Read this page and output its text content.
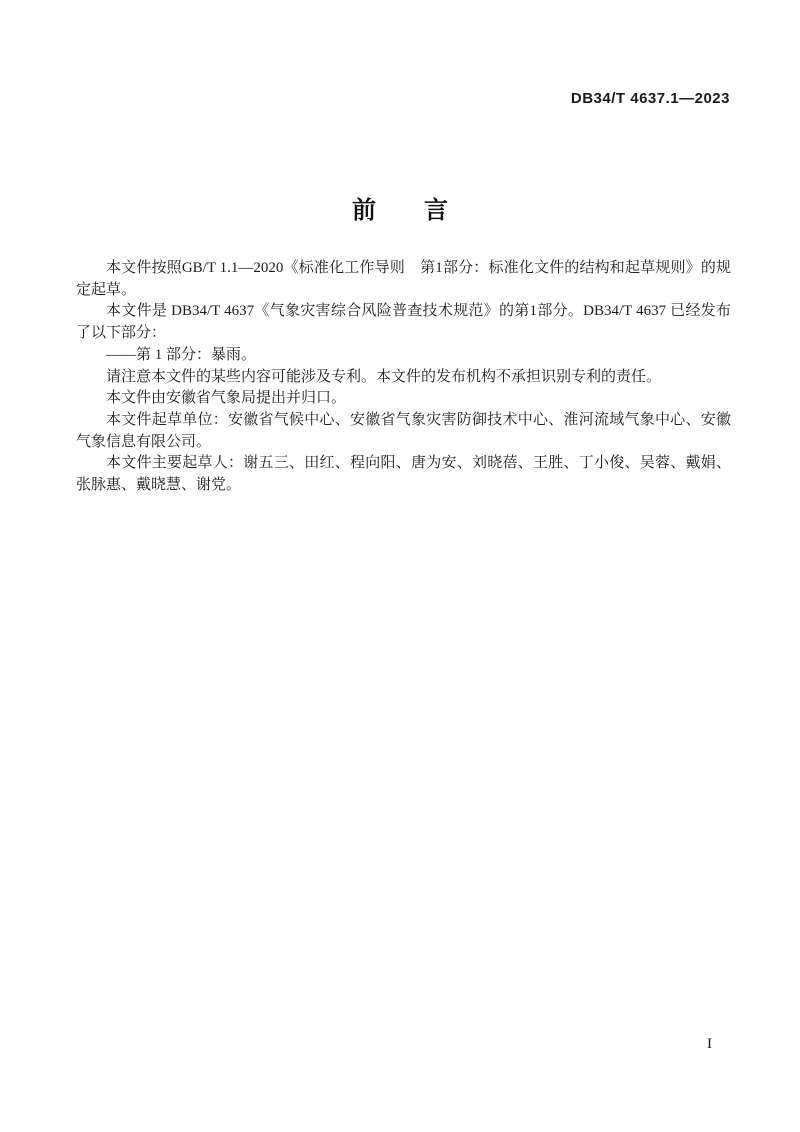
DB34/T 4637.1—2023
前　　言

本文件按照GB/T 1.1—2020《标准化工作导则　第1部分：标准化文件的结构和起草规则》的规定起草。

本文件是 DB34/T 4637《气象灾害综合风险普查技术规范》的第1部分。DB34/T 4637 已经发布了以下部分：

——第 1 部分：暴雨。

请注意本文件的某些内容可能涉及专利。本文件的发布机构不承担识别专利的责任。

本文件由安徽省气象局提出并归口。

本文件起草单位：安徽省气候中心、安徽省气象灾害防御技术中心、淮河流域气象中心、安徽气象信息有限公司。

本文件主要起草人：谢五三、田红、程向阳、唐为安、刘晓蓓、王胜、丁小俊、吴蓉、戴娟、张脉惠、戴晓慧、谢党。

I
